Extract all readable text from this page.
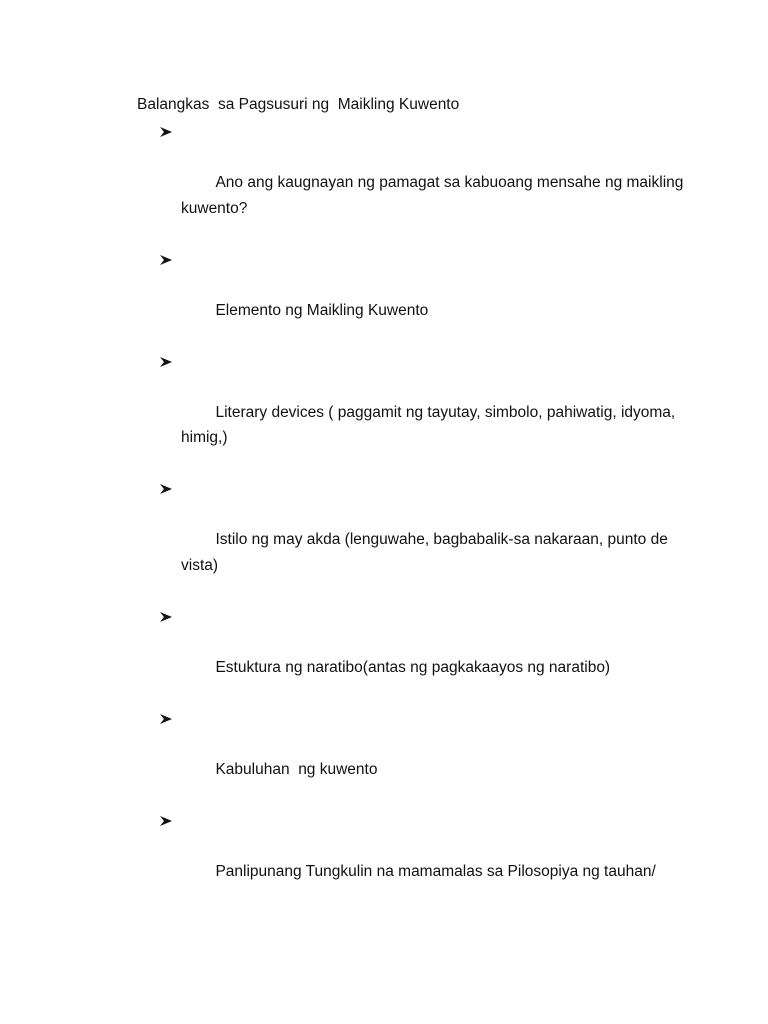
Balangkas  sa Pagsusuri ng  Maikling Kuwento

Ano ang kaugnayan ng pamagat sa kabuoang mensahe ng maikling
kuwento?

Elemento ng Maikling Kuwento

Literary devices ( paggamit ng tayutay, simbolo, pahiwatig, idyoma,
himig,)

Istilo ng may akda (lenguwahe, bagbabalik-sa nakaraan, punto de
vista)

Estuktura ng naratibo(antas ng pagkakaayos ng naratibo)

Kabuluhan  ng kuwento

Panlipunang Tungkulin na mamamalas sa Pilosopiya ng tauhan/
